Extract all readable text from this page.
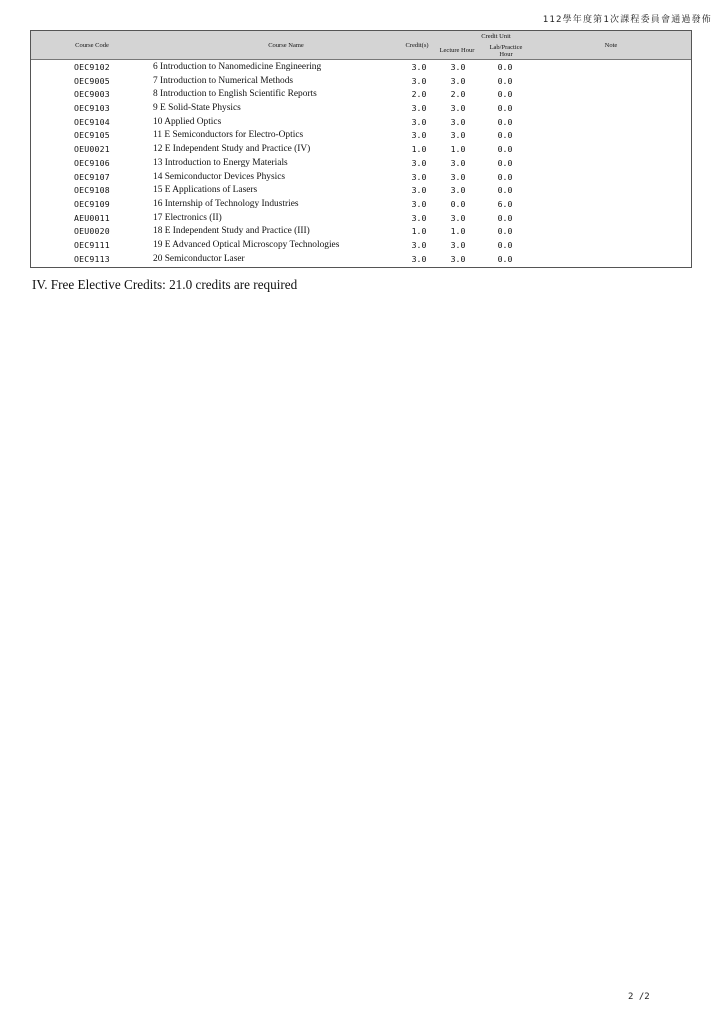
112學年度第1次課程委員會通過發佈
Course Code	Course Name	Credit(s)
Credit Unit
Lecture Hour	Lab/Practice Hour
Note
OEC9102	6 Introduction to Nanomedicine Engineering	3.0	3.0	0.0
OEC9005	7 Introduction to Numerical Methods	3.0	3.0	0.0
OEC9003	8 Introduction to English Scientific Reports	2.0	2.0	0.0
OEC9103	9 E Solid-State Physics	3.0	3.0	0.0
OEC9104	10 Applied Optics	3.0	3.0	0.0
OEC9105	11 E Semiconductors for Electro-Optics	3.0	3.0	0.0
OEU0021	12 E Independent Study and Practice (IV)	1.0	1.0	0.0
OEC9106	13 Introduction to Energy Materials	3.0	3.0	0.0
OEC9107	14 Semiconductor Devices Physics	3.0	3.0	0.0
OEC9108	15 E Applications of Lasers	3.0	3.0	0.0
OEC9109	16 Internship of Technology Industries	3.0	0.0	6.0
AEU0011	17 Electronics (II)	3.0	3.0	0.0
OEU0020	18 E Independent Study and Practice (III)	1.0	1.0	0.0
OEC9111	19 E Advanced Optical Microscopy Technologies	3.0	3.0	0.0
OEC9113	20 Semiconductor Laser	3.0	3.0	0.0
IV. Free Elective Credits: 21.0 credits are required
2 /2
